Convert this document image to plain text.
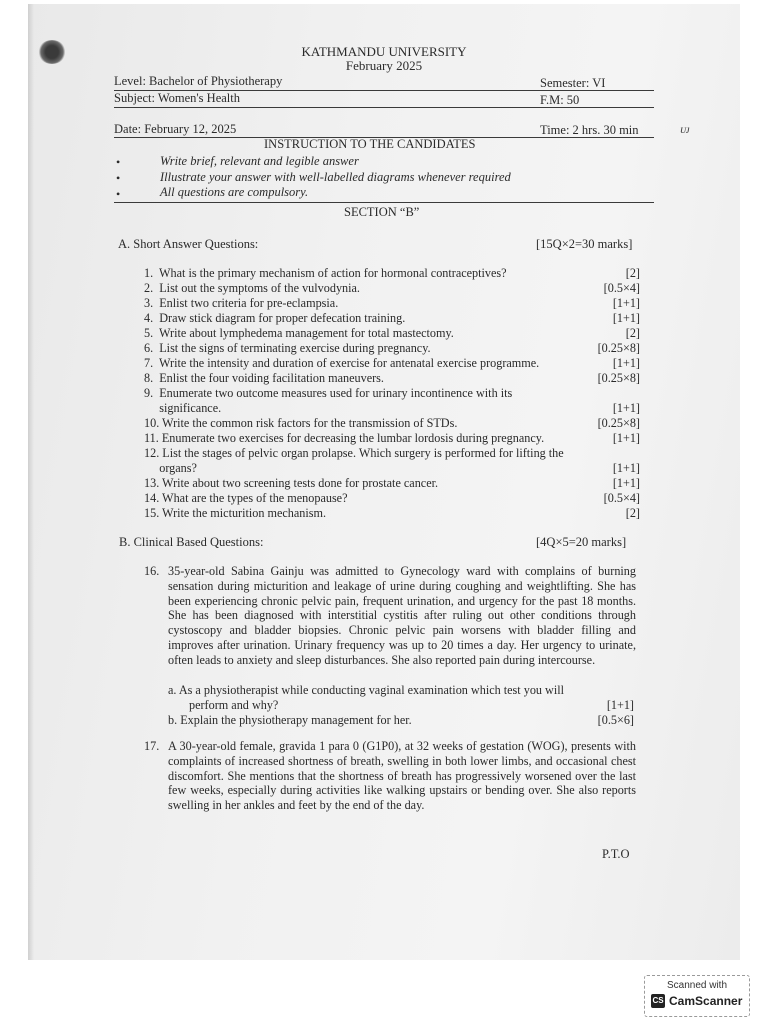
KATHMANDU UNIVERSITY
February 2025
Level: Bachelor of Physiotherapy	Semester: VI
Subject: Women's Health	F.M: 50
Date: February 12, 2025	Time: 2 hrs. 30 min	ᴜᴊ
INSTRUCTION TO THE CANDIDATES
•	Write brief, relevant and legible answer
•	Illustrate your answer with well-labelled diagrams whenever required
•	All questions are compulsory.
SECTION “B”
A. Short Answer Questions:	[15Q×2=30 marks]
1.  What is the primary mechanism of action for hormonal contraceptives?	[2]
2.  List out the symptoms of the vulvodynia.	[0.5×4]
3.  Enlist two criteria for pre-eclampsia.	[1+1]
4.  Draw stick diagram for proper defecation training.	[1+1]
5.  Write about lymphedema management for total mastectomy.	[2]
6.  List the signs of terminating exercise during pregnancy.	[0.25×8]
7.  Write the intensity and duration of exercise for antenatal exercise programme.	[1+1]
8.  Enlist the four voiding facilitation maneuvers.	[0.25×8]
9.  Enumerate two outcome measures used for urinary incontinence with its
significance.	[1+1]
10. Write the common risk factors for the transmission of STDs.	[0.25×8]
11. Enumerate two exercises for decreasing the lumbar lordosis during pregnancy.	[1+1]
12. List the stages of pelvic organ prolapse. Which surgery is performed for lifting the
organs?	[1+1]
13. Write about two screening tests done for prostate cancer.	[1+1]
14. What are the types of the menopause?	[0.5×4]
15. Write the micturition mechanism.	[2]
B. Clinical Based Questions:	[4Q×5=20 marks]
16. 35-year-old Sabina Gainju was admitted to Gynecology ward with complains of burning sensation during micturition and leakage of urine during coughing and weightlifting. She has been experiencing chronic pelvic pain, frequent urination, and urgency for the past 18 months. She has been diagnosed with interstitial cystitis after ruling out other conditions through cystoscopy and bladder biopsies. Chronic pelvic pain worsens with bladder filling and improves after urination. Urinary frequency was up to 20 times a day. Her urgency to urinate, often leads to anxiety and sleep disturbances. She also reported pain during intercourse.
a. As a physiotherapist while conducting vaginal examination which test you will
perform and why?	[1+1]
b. Explain the physiotherapy management for her.	[0.5×6]
17. A 30-year-old female, gravida 1 para 0 (G1P0), at 32 weeks of gestation (WOG), presents with complaints of increased shortness of breath, swelling in both lower limbs, and occasional chest discomfort. She mentions that the shortness of breath has progressively worsened over the last few weeks, especially during activities like walking upstairs or bending over. She also reports swelling in her ankles and feet by the end of the day.
P.T.O
Scanned with
CS CamScanner
